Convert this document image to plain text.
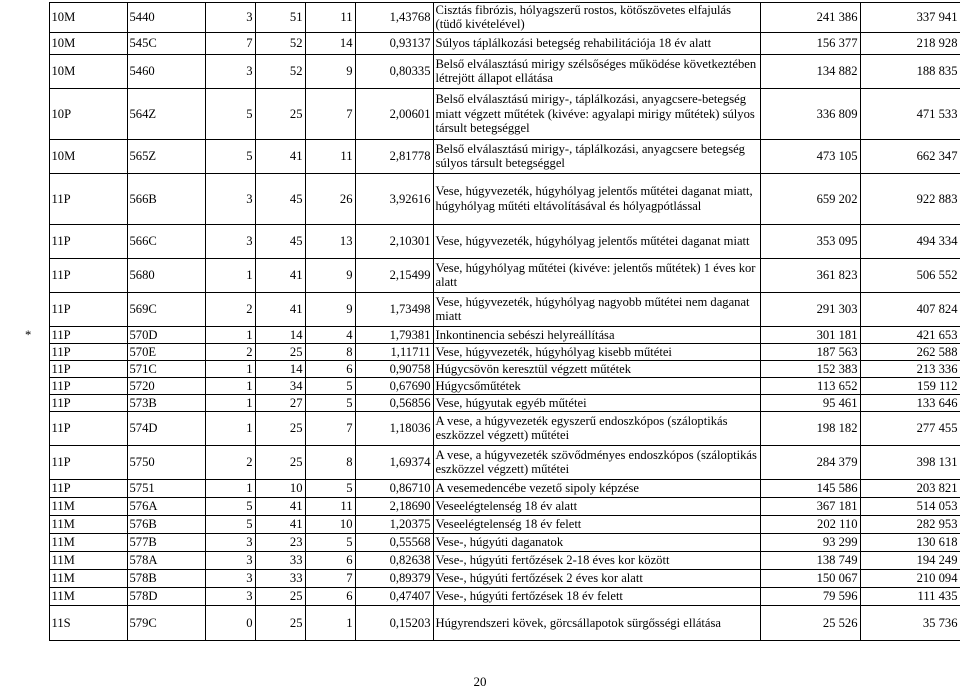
	10M	5440	3	51	11	1,43768	Cisztás fibrózis, hólyagszerű rostos, kötőszövetes elfajulás (tüdő kivételével)	241 386	337 941
	10M	545C	7	52	14	0,93137	Súlyos táplálkozási betegség rehabilitációja 18 év alatt	156 377	218 928
	10M	5460	3	52	9	0,80335	Belső elválasztású mirigy szélsőséges működése következtében létrejött állapot ellátása	134 882	188 835
	10P	564Z	5	25	7	2,00601	Belső elválasztású mirigy-, táplálkozási, anyagcsere-betegség miatt végzett műtétek (kivéve: agyalapi mirigy műtétek) súlyos társult betegséggel	336 809	471 533
	10M	565Z	5	41	11	2,81778	Belső elválasztású mirigy-, táplálkozási, anyagcsere betegség súlyos társult betegséggel	473 105	662 347
	11P	566B	3	45	26	3,92616	Vese, húgyvezeték, húgyhólyag jelentős műtétei daganat miatt, húgyhólyag műtéti eltávolításával és hólyagpótlással	659 202	922 883
	11P	566C	3	45	13	2,10301	Vese, húgyvezeték, húgyhólyag jelentős műtétei daganat miatt	353 095	494 334
	11P	5680	1	41	9	2,15499	Vese, húgyhólyag műtétei (kivéve: jelentős műtétek) 1 éves kor alatt	361 823	506 552
	11P	569C	2	41	9	1,73498	Vese, húgyvezeték, húgyhólyag nagyobb műtétei nem daganat miatt	291 303	407 824
*	11P	570D	1	14	4	1,79381	Inkontinencia sebészi helyreállítása	301 181	421 653
	11P	570E	2	25	8	1,11711	Vese, húgyvezeték, húgyhólyag kisebb műtétei	187 563	262 588
	11P	571C	1	14	6	0,90758	Húgycsövön keresztül végzett műtétek	152 383	213 336
	11P	5720	1	34	5	0,67690	Húgycsőműtétek	113 652	159 112
	11P	573B	1	27	5	0,56856	Vese, húgyutak egyéb műtétei	95 461	133 646
	11P	574D	1	25	7	1,18036	A vese, a húgyvezeték egyszerű endoszkópos (száloptikás eszközzel végzett) műtétei	198 182	277 455
	11P	5750	2	25	8	1,69374	A vese, a húgyvezeték szövődményes endoszkópos (száloptikás eszközzel végzett) műtétei	284 379	398 131
	11P	5751	1	10	5	0,86710	A vesemedencébe vezető sipoly képzése	145 586	203 821
	11M	576A	5	41	11	2,18690	Veseelégtelenség 18 év alatt	367 181	514 053
	11M	576B	5	41	10	1,20375	Veseelégtelenség 18 év felett	202 110	282 953
	11M	577B	3	23	5	0,55568	Vese-, húgyúti daganatok	93 299	130 618
	11M	578A	3	33	6	0,82638	Vese-, húgyúti fertőzések 2-18 éves kor között	138 749	194 249
	11M	578B	3	33	7	0,89379	Vese-, húgyúti fertőzések 2 éves kor alatt	150 067	210 094
	11M	578D	3	25	6	0,47407	Vese-, húgyúti fertőzések 18 év felett	79 596	111 435
	11S	579C	0	25	1	0,15203	Húgyrendszeri kövek, görcsállapotok sürgősségi ellátása	25 526	35 736
20
